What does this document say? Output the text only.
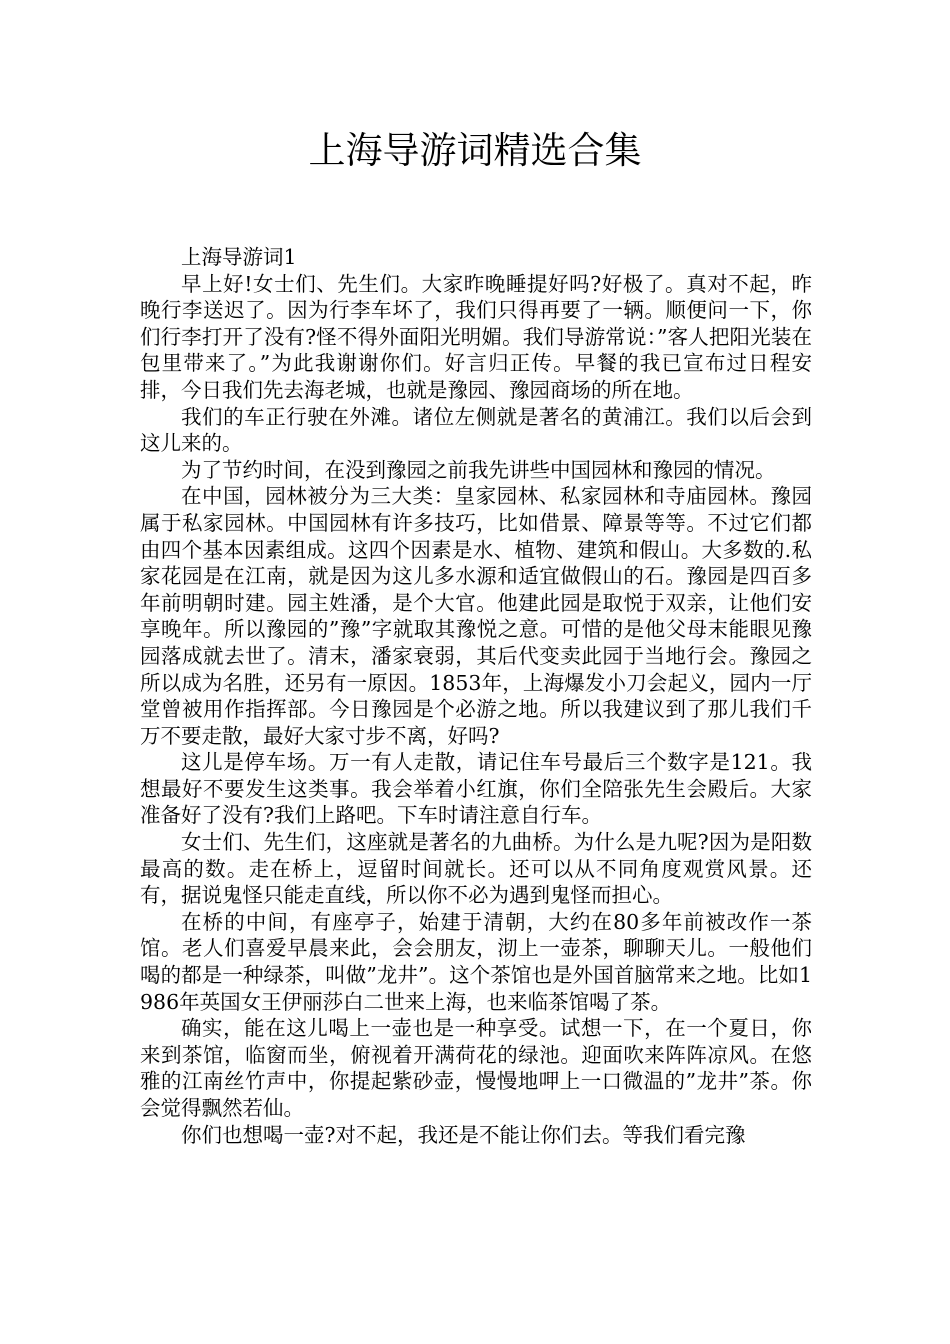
上海导游词精选合集

上海导游词1

早上好!女士们、先生们。大家昨晚睡提好吗?好极了。真对不起，昨晚行李送迟了。因为行李车坏了，我们只得再要了一辆。顺便问一下，你们行李打开了没有?怪不得外面阳光明媚。我们导游常说：”客人把阳光装在包里带来了。”为此我谢谢你们。好言归正传。早餐的我已宣布过日程安排，今日我们先去海老城，也就是豫园、豫园商场的所在地。

我们的车正行驶在外滩。诸位左侧就是著名的黄浦江。我们以后会到这儿来的。

为了节约时间，在没到豫园之前我先讲些中国园林和豫园的情况。

在中国，园林被分为三大类：皇家园林、私家园林和寺庙园林。豫园属于私家园林。中国园林有许多技巧，比如借景、障景等等。不过它们都由四个基本因素组成。这四个因素是水、植物、建筑和假山。大多数的.私家花园是在江南，就是因为这儿多水源和适宜做假山的石。豫园是四百多年前明朝时建。园主姓潘，是个大官。他建此园是取悦于双亲，让他们安享晚年。所以豫园的”豫”字就取其豫悦之意。可惜的是他父母末能眼见豫园落成就去世了。清末，潘家衰弱，其后代变卖此园于当地行会。豫园之所以成为名胜，还另有一原因。1853年，上海爆发小刀会起义，园内一厅堂曾被用作指挥部。今日豫园是个必游之地。所以我建议到了那儿我们千万不要走散，最好大家寸步不离，好吗?

这儿是停车场。万一有人走散，请记住车号最后三个数字是121。我想最好不要发生这类事。我会举着小红旗，你们全陪张先生会殿后。大家准备好了没有?我们上路吧。下车时请注意自行车。

女士们、先生们，这座就是著名的九曲桥。为什么是九呢?因为是阳数最高的数。走在桥上，逗留时间就长。还可以从不同角度观赏风景。还有，据说鬼怪只能走直线，所以你不必为遇到鬼怪而担心。

在桥的中间，有座亭子，始建于清朝，大约在80多年前被改作一茶馆。老人们喜爱早晨来此，会会朋友，沏上一壶茶，聊聊天儿。一般他们喝的都是一种绿茶，叫做”龙井”。这个茶馆也是外国首脑常来之地。比如1986年英国女王伊丽莎白二世来上海，也来临茶馆喝了茶。

确实，能在这儿喝上一壶也是一种享受。试想一下，在一个夏日，你来到茶馆，临窗而坐，俯视着开满荷花的绿池。迎面吹来阵阵凉风。在悠雅的江南丝竹声中，你提起紫砂壶，慢慢地呷上一口微温的”龙井”茶。你会觉得飘然若仙。

你们也想喝一壶?对不起，我还是不能让你们去。等我们看完豫
